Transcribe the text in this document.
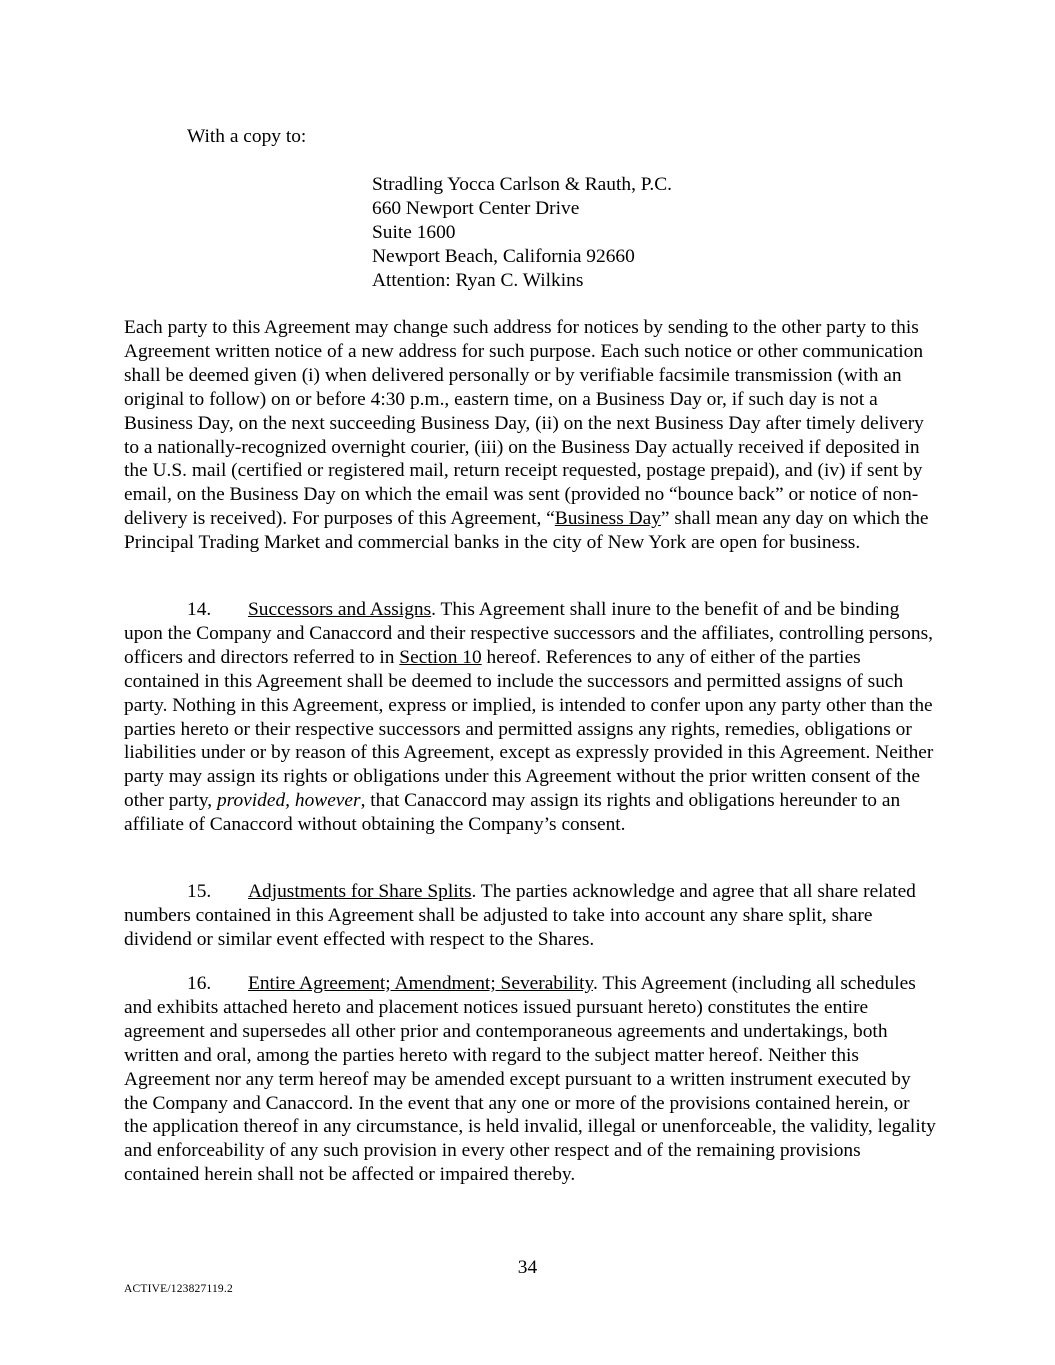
With a copy to:
Stradling Yocca Carlson & Rauth, P.C.
660 Newport Center Drive
Suite 1600
Newport Beach, California 92660
Attention: Ryan C. Wilkins

Each party to this Agreement may change such address for notices by sending to the other party to this Agreement written notice of a new address for such purpose. Each such notice or other communication shall be deemed given (i) when delivered personally or by verifiable facsimile transmission (with an original to follow) on or before 4:30 p.m., eastern time, on a Business Day or, if such day is not a Business Day, on the next succeeding Business Day, (ii) on the next Business Day after timely delivery to a nationally-recognized overnight courier, (iii) on the Business Day actually received if deposited in the U.S. mail (certified or registered mail, return receipt requested, postage prepaid), and (iv) if sent by email, on the Business Day on which the email was sent (provided no “bounce back” or notice of non-delivery is received). For purposes of this Agreement, “Business Day” shall mean any day on which the Principal Trading Market and commercial banks in the city of New York are open for business.

14. Successors and Assigns. This Agreement shall inure to the benefit of and be binding upon the Company and Canaccord and their respective successors and the affiliates, controlling persons, officers and directors referred to in Section 10 hereof. References to any of either of the parties contained in this Agreement shall be deemed to include the successors and permitted assigns of such party. Nothing in this Agreement, express or implied, is intended to confer upon any party other than the parties hereto or their respective successors and permitted assigns any rights, remedies, obligations or liabilities under or by reason of this Agreement, except as expressly provided in this Agreement. Neither party may assign its rights or obligations under this Agreement without the prior written consent of the other party, provided, however, that Canaccord may assign its rights and obligations hereunder to an affiliate of Canaccord without obtaining the Company’s consent.

15. Adjustments for Share Splits. The parties acknowledge and agree that all share related numbers contained in this Agreement shall be adjusted to take into account any share split, share dividend or similar event effected with respect to the Shares.

16. Entire Agreement; Amendment; Severability. This Agreement (including all schedules and exhibits attached hereto and placement notices issued pursuant hereto) constitutes the entire agreement and supersedes all other prior and contemporaneous agreements and undertakings, both written and oral, among the parties hereto with regard to the subject matter hereof. Neither this Agreement nor any term hereof may be amended except pursuant to a written instrument executed by the Company and Canaccord. In the event that any one or more of the provisions contained herein, or the application thereof in any circumstance, is held invalid, illegal or unenforceable, the validity, legality and enforceability of any such provision in every other respect and of the remaining provisions contained herein shall not be affected or impaired thereby.

34
ACTIVE/123827119.2
